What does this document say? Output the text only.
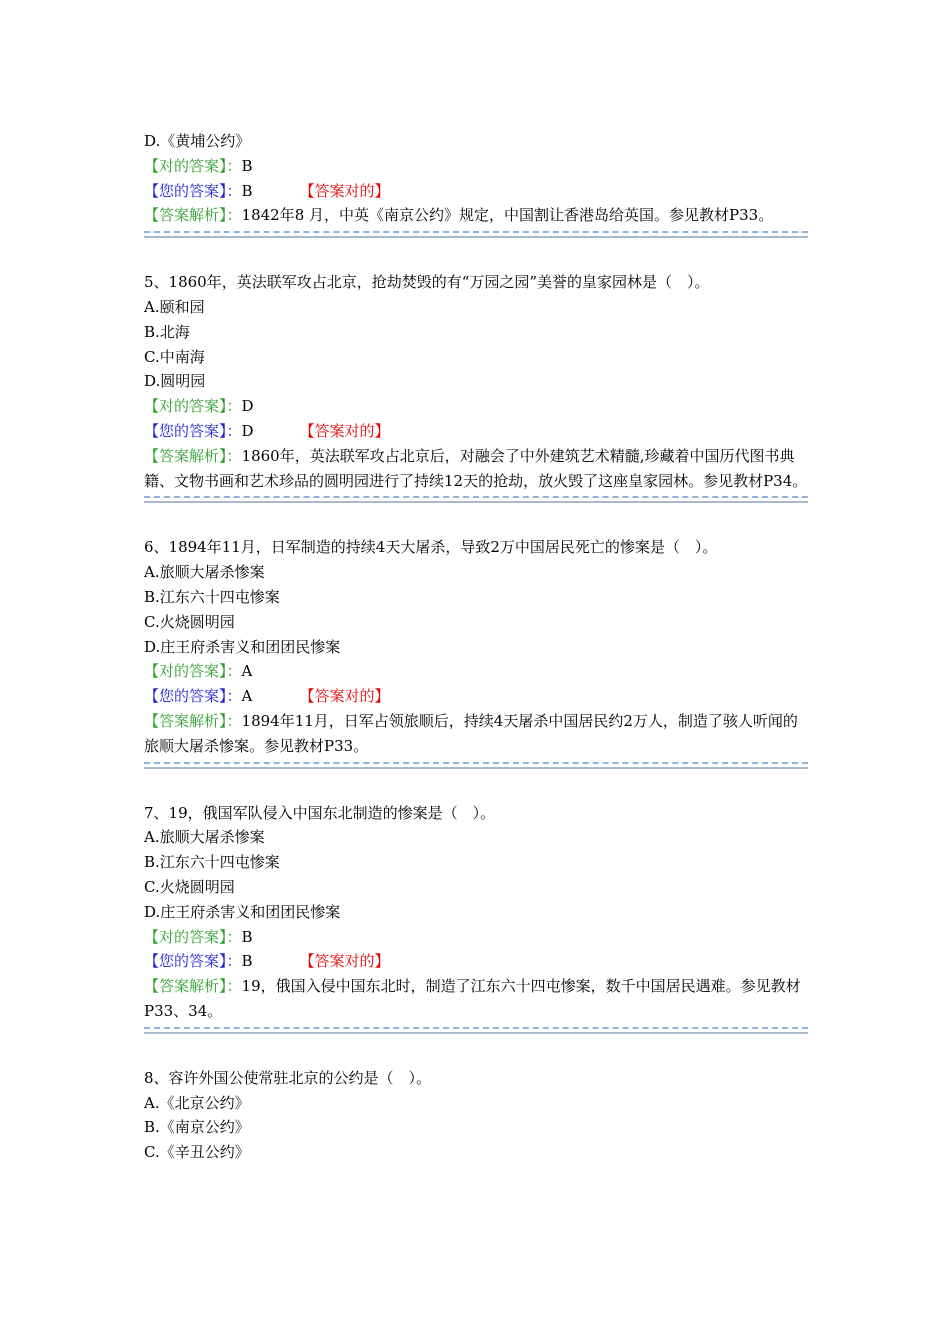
D.《黄埔公约》
【对的答案】：B
【您的答案】：B	【答案对的】
【答案解析】：1842年8 月，中英《南京公约》规定，中国割让香港岛给英国。参见教材P33。
5、1860年，英法联军攻占北京，抢劫焚毁的有“万园之园”美誉的皇家园林是（　）。
A.颐和园
B.北海
C.中南海
D.圆明园
【对的答案】：D
【您的答案】：D	【答案对的】
【答案解析】：1860年，英法联军攻占北京后，对融会了中外建筑艺术精髓,珍藏着中国历代图书典籍、文物书画和艺术珍品的圆明园进行了持续12天的抢劫，放火毁了这座皇家园林。参见教材P34。
6、1894年11月，日军制造的持续4天大屠杀，导致2万中国居民死亡的惨案是（　）。
A.旅顺大屠杀惨案
B.江东六十四屯惨案
C.火烧圆明园
D.庄王府杀害义和团团民惨案
【对的答案】：A
【您的答案】：A	【答案对的】
【答案解析】：1894年11月，日军占领旅顺后，持续4天屠杀中国居民约2万人，制造了骇人听闻的旅顺大屠杀惨案。参见教材P33。
7、19，俄国军队侵入中国东北制造的惨案是（　）。
A.旅顺大屠杀惨案
B.江东六十四屯惨案
C.火烧圆明园
D.庄王府杀害义和团团民惨案
【对的答案】：B
【您的答案】：B	【答案对的】
【答案解析】：19，俄国入侵中国东北时，制造了江东六十四屯惨案，数千中国居民遇难。参见教材P33、34。
8、容许外国公使常驻北京的公约是（　）。
A.《北京公约》
B.《南京公约》
C.《辛丑公约》
